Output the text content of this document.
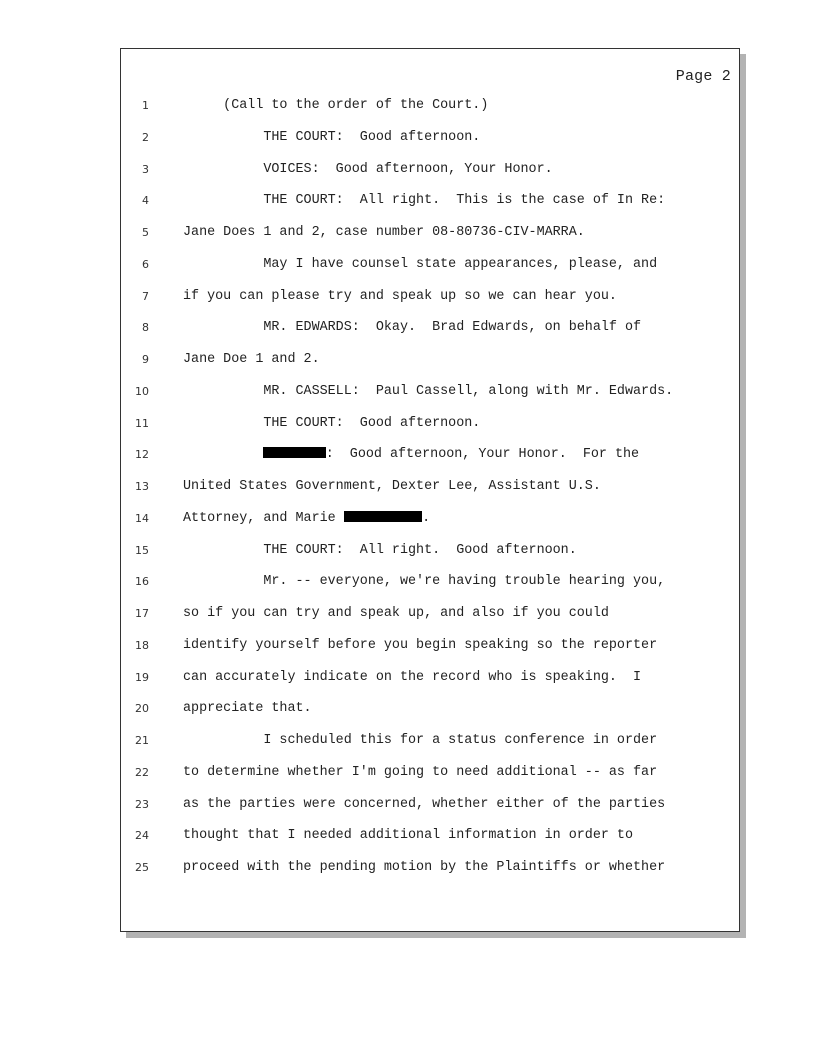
Page 2
1	(Call to the order of the Court.)
2	THE COURT:  Good afternoon.
3	VOICES:  Good afternoon, Your Honor.
4	THE COURT:  All right.  This is the case of In Re:
5	Jane Does 1 and 2, case number 08-80736-CIV-MARRA.
6	May I have counsel state appearances, please, and
7	if you can please try and speak up so we can hear you.
8	MR. EDWARDS:  Okay.  Brad Edwards, on behalf of
9	Jane Doe 1 and 2.
10	MR. CASSELL:  Paul Cassell, along with Mr. Edwards.
11	THE COURT:  Good afternoon.
12	:  Good afternoon, Your Honor.  For the
13	United States Government, Dexter Lee, Assistant U.S.
14	Attorney, and Marie	.
15	THE COURT:  All right.  Good afternoon.
16	Mr. -- everyone, we're having trouble hearing you,
17	so if you can try and speak up, and also if you could
18	identify yourself before you begin speaking so the reporter
19	can accurately indicate on the record who is speaking.  I
20	appreciate that.
21	I scheduled this for a status conference in order
22	to determine whether I'm going to need additional -- as far
23	as the parties were concerned, whether either of the parties
24	thought that I needed additional information in order to
25	proceed with the pending motion by the Plaintiffs or whether
